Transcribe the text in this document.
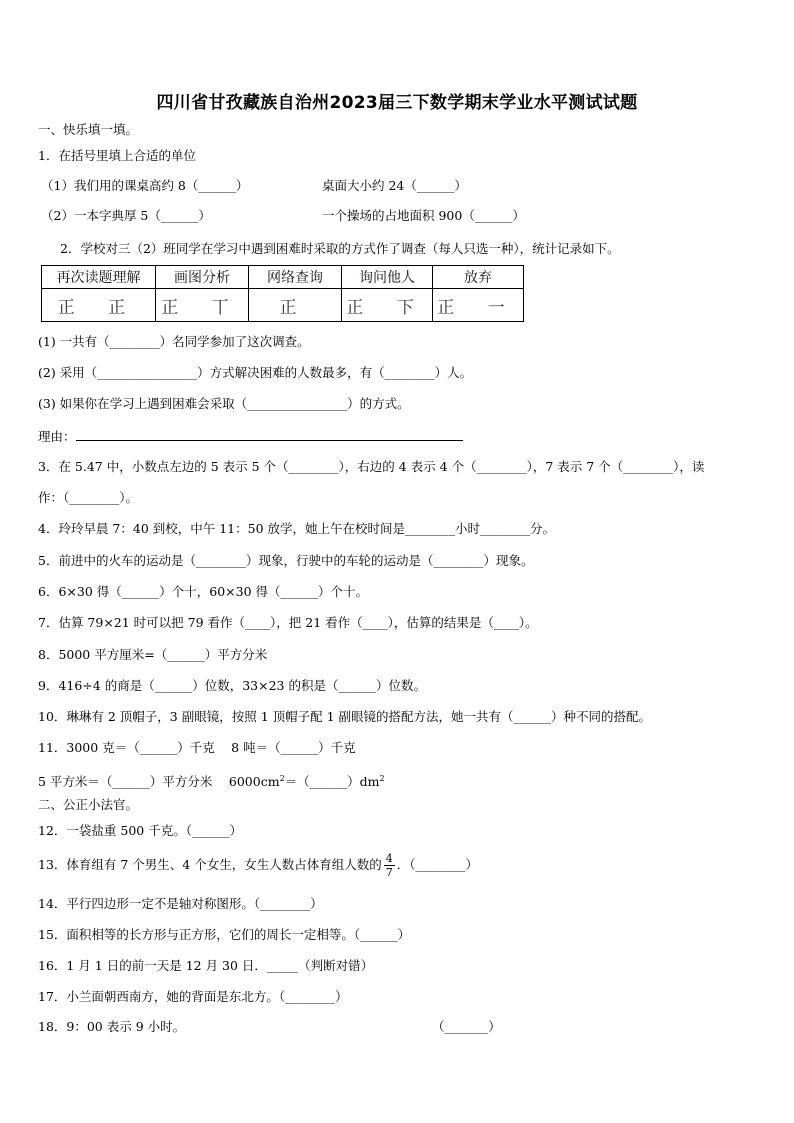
四川省甘孜藏族自治州2023届三下数学期末学业水平测试试题
一、快乐填一填。
1．在括号里填上合适的单位
（1）我们用的课桌高约 8（______）	桌面大小约 24（______）
（2）一本字典厚 5（______）	一个操场的占地面积 900（______）
2．学校对三（2）班同学在学习中遇到困难时采取的方式作了调查（每人只选一种），统计记录如下。
再次读题理解	画图分析	网络查询	询问他人	放弃
正 正	正 丅	正	正 下	正 一
(1) 一共有（________）名同学参加了这次调查。
(2) 采用（________________）方式解决困难的人数最多，有（________）人。
(3) 如果你在学习上遇到困难会采取（________________）的方式。
理由：
3．在 5.47 中，小数点左边的 5 表示 5 个（________），右边的 4 表示 4 个（________），7 表示 7 个（________），读
作：（________）。
4．玲玲早晨 7：40 到校，中午 11：50 放学，她上午在校时间是________小时________分。
5．前进中的火车的运动是（________）现象，行驶中的车轮的运动是（________）现象。
6．6×30 得（______）个十，60×30 得（______）个十。
7．估算 79×21 时可以把 79 看作（____），把 21 看作（____），估算的结果是（____）。
8．5000 平方厘米=（______）平方分米
9．416÷4 的商是（______）位数，33×23 的积是（______）位数。
10．琳琳有 2 顶帽子，3 副眼镜，按照 1 顶帽子配 1 副眼镜的搭配方法，她一共有（______）种不同的搭配。
11．3000 克＝（______）千克　 8 吨＝（______）千克
5 平方米＝（______）平方分米　 $6000cm^2=(\_\_\_\_\_\_)dm^2$
二、公正小法官。
12．一袋盐重 500 千克。（______）
13．体育组有 7 个男生、4 个女生，女生人数占体育组人数的 $\frac{4}{7}$ ．（________）
14．平行四边形一定不是轴对称图形。（________）
15．面积相等的长方形与正方形，它们的周长一定相等。（______）
16．1 月 1 日的前一天是 12 月 30 日．_____（判断对错）
17．小兰面朝西南方，她的背面是东北方。（________）
18．9：00 表示 9 小时。	（_______）
